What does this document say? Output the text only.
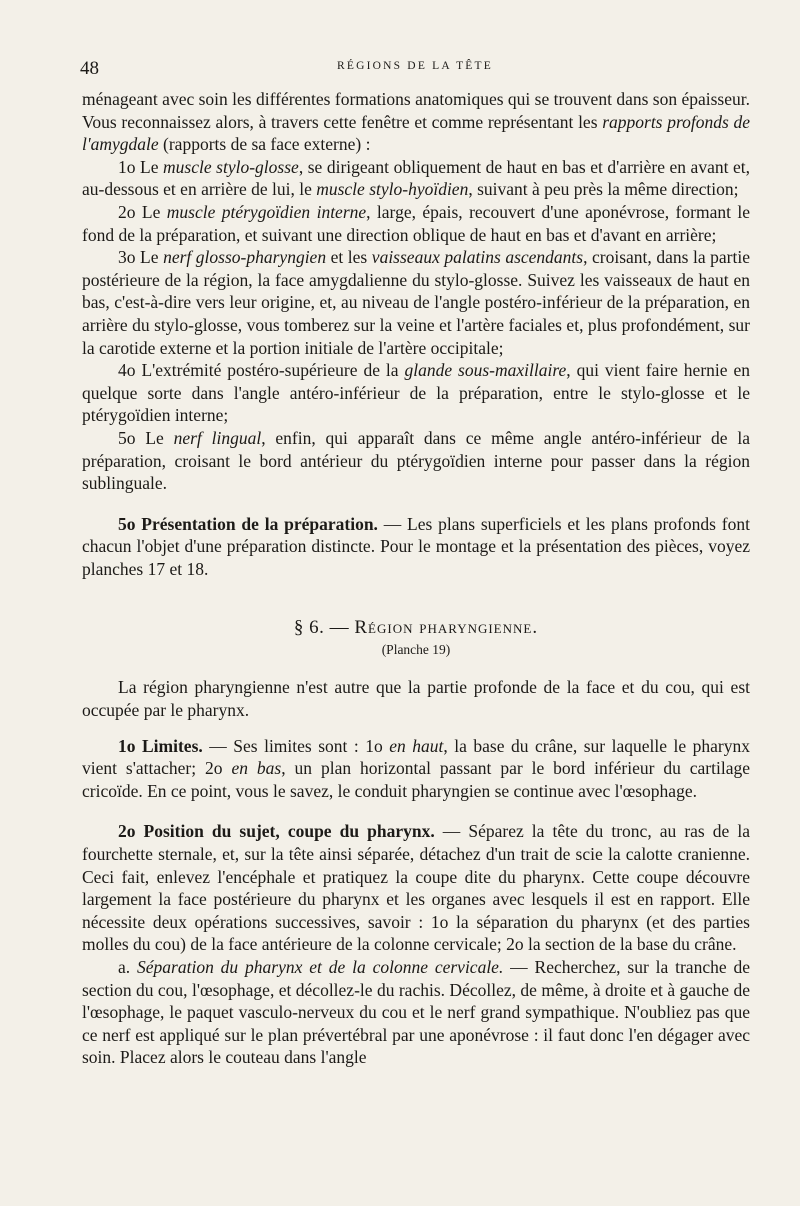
48	RÉGIONS DE LA TÊTE

ménageant avec soin les différentes formations anatomiques qui se trouvent dans son épaisseur. Vous reconnaissez alors, à travers cette fenêtre et comme représentant les rapports profonds de l'amygdale (rapports de sa face externe) :

1o Le muscle stylo-glosse, se dirigeant obliquement de haut en bas et d'arrière en avant et, au-dessous et en arrière de lui, le muscle stylo-hyoïdien, suivant à peu près la même direction;

2o Le muscle ptérygoïdien interne, large, épais, recouvert d'une aponévrose, formant le fond de la préparation, et suivant une direction oblique de haut en bas et d'avant en arrière;

3o Le nerf glosso-pharyngien et les vaisseaux palatins ascendants, croisant, dans la partie postérieure de la région, la face amygdalienne du stylo-glosse. Suivez les vaisseaux de haut en bas, c'est-à-dire vers leur origine, et, au niveau de l'angle postéro-inférieur de la préparation, en arrière du stylo-glosse, vous tomberez sur la veine et l'artère faciales et, plus profondément, sur la carotide externe et la portion initiale de l'artère occipitale;

4o L'extrémité postéro-supérieure de la glande sous-maxillaire, qui vient faire hernie en quelque sorte dans l'angle antéro-inférieur de la préparation, entre le stylo-glosse et le ptérygoïdien interne;

5o Le nerf lingual, enfin, qui apparaît dans ce même angle antéro-inférieur de la préparation, croisant le bord antérieur du ptérygoïdien interne pour passer dans la région sublinguale.

5o Présentation de la préparation. — Les plans superficiels et les plans profonds font chacun l'objet d'une préparation distincte. Pour le montage et la présentation des pièces, voyez planches 17 et 18.

§ 6. — Région pharyngienne.
(Planche 19)

La région pharyngienne n'est autre que la partie profonde de la face et du cou, qui est occupée par le pharynx.

1o Limites. — Ses limites sont : 1o en haut, la base du crâne, sur laquelle le pharynx vient s'attacher; 2o en bas, un plan horizontal passant par le bord inférieur du cartilage cricoïde. En ce point, vous le savez, le conduit pharyngien se continue avec l'œsophage.

2o Position du sujet, coupe du pharynx. — Séparez la tête du tronc, au ras de la fourchette sternale, et, sur la tête ainsi séparée, détachez d'un trait de scie la calotte cranienne. Ceci fait, enlevez l'encéphale et pratiquez la coupe dite du pharynx. Cette coupe découvre largement la face postérieure du pharynx et les organes avec lesquels il est en rapport. Elle nécessite deux opérations successives, savoir : 1o la séparation du pharynx (et des parties molles du cou) de la face antérieure de la colonne cervicale; 2o la section de la base du crâne.

a. Séparation du pharynx et de la colonne cervicale. — Recherchez, sur la tranche de section du cou, l'œsophage, et décollez-le du rachis. Décollez, de même, à droite et à gauche de l'œsophage, le paquet vasculo-nerveux du cou et le nerf grand sympathique. N'oubliez pas que ce nerf est appliqué sur le plan prévertébral par une aponévrose : il faut donc l'en dégager avec soin. Placez alors le couteau dans l'angle
